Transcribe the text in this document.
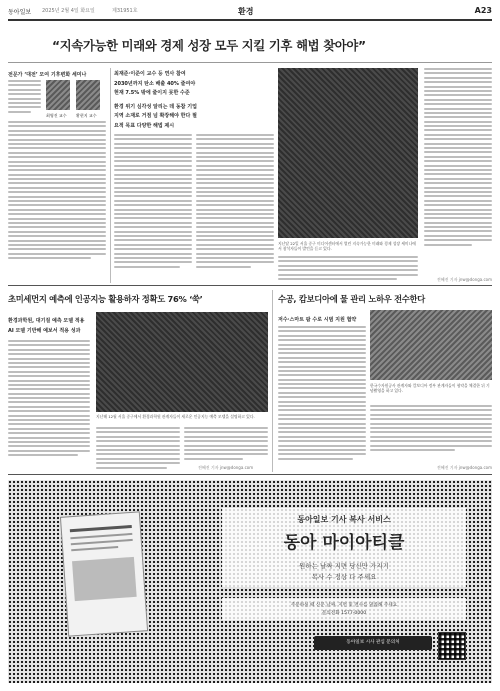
동아일보 2025년 2월 4일 화요일	제31951호	환경	A23
“지속가능한 미래와 경제 성장 모두 지킬 기후 해법 찾아야”
전문가 ‘대전’ 모여 기후변화 세미나
최영진 교수 황현지 교수
최재준·이준이 교수 등 연사 참여
2030년까지 탄소 배출 40% 줄여야
현재 7.5% 밖에 줄이지 못한 수준
환경 위기 심각성 알리는 데 동참 기업
지역 소재로 거점 넘 확장해야 한다 필
요적 목표 다양한 해법 제시
지난달 22일 서울 중구 미디어센터에서 열린 지속가능한 미래와 경제 성장 세미나에서 참석자들이 발언을 듣고 있다.
전혜진 기자 jnw@donga.com
초미세먼지 예측에 인공지능 활용하자 정확도 76% ‘쑥’
환경과학원, 대기질 예측 모델 적용
AI 모델 기반해 예보서 적용 성과
지난해 12월 서울 중구에서 환경과학원 관계자들이 새로운 인공지능 예측 모델을 설명하고 있다.
전혜진 기자 jnw@donga.com
수공, 캄보디아에 물 관리 노하우 전수한다
저수·스마트 팜 수로 시범 지원 협약
한국수자원공사 관계자와 캄보디아 정부 관계자들이 협약을 체결한 뒤 기념촬영을 하고 있다.
전혜진 기자 jnw@donga.com
동아일보 기사 복사 서비스
동아 마이아티클
원하는 날짜 지면 당신만 가지기
복사 수 정상 다 주세요
주문하실 때 신문 날짜, 지면 및 면수를 말씀해 주세요
문의전화 1577-0000
동아일보 시사 관심 문의처
